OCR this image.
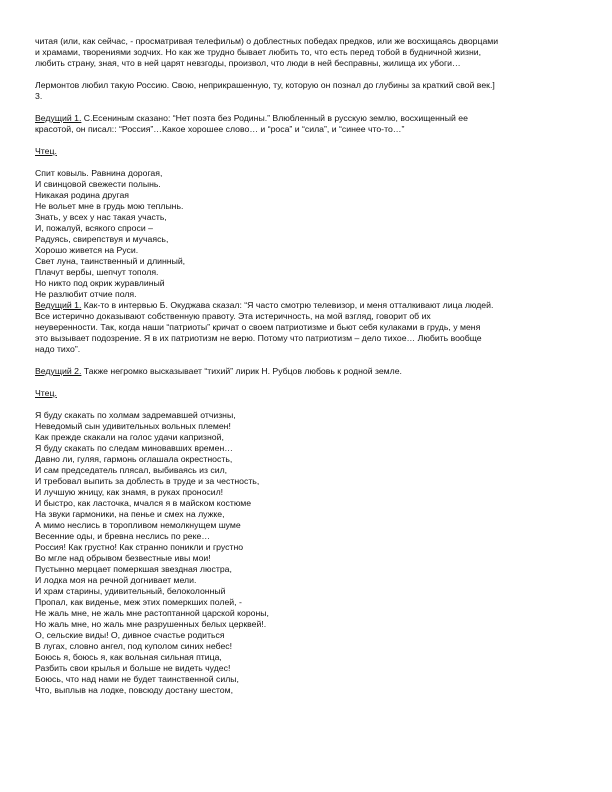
читая (или, как сейчас, - просматривая телефильм) о доблестных победах предков, или же восхищаясь дворцами
и храмами, творениями зодчих. Но как же трудно бывает любить то, что есть перед тобой в будничной жизни,
любить страну, зная, что в ней царят невзгоды, произвол, что люди в ней бесправны, жилища их убоги…

Лермонтов любил такую Россию. Свою, неприкрашенную, ту, которую он познал до глубины за краткий свой век.]
3.

Ведущий 1. С.Есениным сказано: “Нет поэта без Родины.” Влюбленный в русскую землю, восхищенный ее
красотой, он писал:: “Россия”…Какое хорошее слово… и “роса” и “сила”, и “синее что-то…”

Чтец.

Спит ковыль. Равнина дорогая,
И свинцовой свежести полынь.
Никакая родина другая
Не вольет мне в грудь мою теплынь.
Знать, у всех у нас такая участь,
И, пожалуй, всякого спроси –
Радуясь, свирепствуя и мучаясь,
Хорошо живется на Руси.
Свет луна, таинственный и длинный,
Плачут вербы, шепчут тополя.
Но никто под окрик журавлиный
Не разлюбит отчие поля.

Ведущий 1. Как-то в интервью Б. Окуджава сказал: “Я часто смотрю телевизор, и меня отталкивают лица людей.
Все истерично доказывают собственную правоту. Эта истеричность, на мой взгляд, говорит об их
неуверенности. Так, когда наши “патриоты” кричат о своем патриотизме и бьют себя кулаками в грудь, у меня
это вызывает подозрение. Я в их патриотизм не верю. Потому что патриотизм – дело тихое… Любить вообще
надо тихо”.

Ведущий 2. Также негромко высказывает “тихий” лирик Н. Рубцов любовь к родной земле.

Чтец.

Я буду скакать по холмам задремавшей отчизны,
Неведомый сын удивительных вольных племен!
Как прежде скакали на голос удачи капризной,
Я буду скакать по следам миновавших времен…
Давно ли, гуляя, гармонь оглашала окрестность,
И сам председатель плясал, выбиваясь из сил,
И требовал выпить за доблесть в труде и за честность,
И лучшую жницу, как знамя, в руках проносил!
И быстро, как ласточка, мчался я в майском костюме
На звуки гармоники, на пенье и смех на лужке,
А мимо неслись в торопливом немолкнущем шуме
Весенние оды, и бревна неслись по реке…
Россия! Как грустно! Как странно поникли и грустно
Во мгле над обрывом безвестные ивы мои!
Пустынно мерцает померкшая звездная люстра,
И лодка моя на речной догнивает мели.
И храм старины, удивительный, белоколонный
Пропал, как виденье, меж этих померкших полей, -
Не жаль мне, не жаль мне растоптанной царской короны,
Но жаль мне, но жаль мне разрушенных белых церквей!.
О, сельские виды! О, дивное счастье родиться
В лугах, словно ангел, под куполом синих небес!
Боюсь я, боюсь я, как вольная сильная птица,
Разбить свои крылья и больше не видеть чудес!
Боюсь, что над нами не будет таинственной силы,
Что, выплыв на лодке, повсюду достану шестом,
